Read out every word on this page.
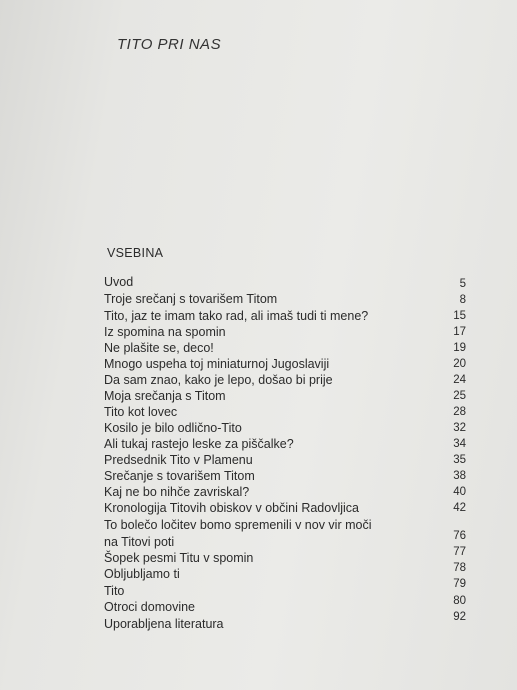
TITO PRI NAS
VSEBINA
Uvod	5
Troje srečanj s tovarišem Titom	8
Tito, jaz te imam tako rad, ali imaš tudi ti mene?	15
Iz spomina na spomin	17
Ne plašite se, deco!	19
Mnogo uspeha toj miniaturnoj Jugoslaviji	20
Da sam znao, kako je lepo, došao bi prije	24
Moja srečanja s Titom	25
Tito kot lovec	28
Kosilo je bilo odlično-Tito	32
Ali tukaj rastejo leske za piščalke?	34
Predsednik Tito v Plamenu	35
Srečanje s tovarišem Titom	38
Kaj ne bo nihče zavriskal?	40
Kronologija Titovih obiskov v občini Radovljica	42
To bolečo ločitev bomo spremenili v nov vir moči
na Titovi poti	76
Šopek pesmi Titu v spomin	77
Obljubljamo ti	78
Tito	79
Otroci domovine	80
Uporabljena literatura	92
